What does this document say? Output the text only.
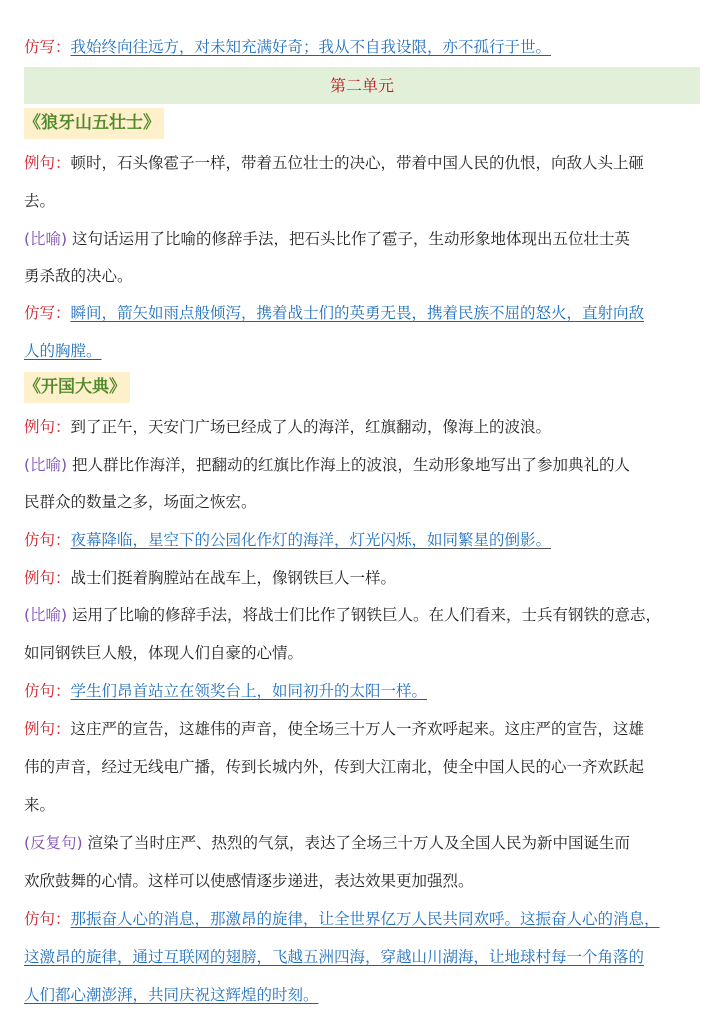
仿写：我始终向往远方，对未知充满好奇；我从不自我设限，亦不孤行于世。
第二单元
《狼牙山五壮士》
例句：顿时，石头像雹子一样，带着五位壮士的决心，带着中国人民的仇恨，向敌人头上砸
去。
(比喻) 这句话运用了比喻的修辞手法，把石头比作了雹子，生动形象地体现出五位壮士英
勇杀敌的决心。
仿写：瞬间，箭矢如雨点般倾泻，携着战士们的英勇无畏，携着民族不屈的怒火，直射向敌
人的胸膛。
《开国大典》
例句：到了正午，天安门广场已经成了人的海洋，红旗翻动，像海上的波浪。
(比喻) 把人群比作海洋，把翻动的红旗比作海上的波浪，生动形象地写出了参加典礼的人
民群众的数量之多，场面之恢宏。
仿句：夜幕降临，星空下的公园化作灯的海洋，灯光闪烁，如同繁星的倒影。
例句：战士们挺着胸膛站在战车上，像钢铁巨人一样。
(比喻) 运用了比喻的修辞手法，将战士们比作了钢铁巨人。在人们看来，士兵有钢铁的意志，
如同钢铁巨人般，体现人们自豪的心情。
仿句：学生们昂首站立在领奖台上，如同初升的太阳一样。
例句：这庄严的宣告，这雄伟的声音，使全场三十万人一齐欢呼起来。这庄严的宣告，这雄
伟的声音，经过无线电广播，传到长城内外，传到大江南北，使全中国人民的心一齐欢跃起
来。
(反复句) 渲染了当时庄严、热烈的气氛，表达了全场三十万人及全国人民为新中国诞生而
欢欣鼓舞的心情。这样可以使感情逐步递进，表达效果更加强烈。
仿句：那振奋人心的消息，那激昂的旋律，让全世界亿万人民共同欢呼。这振奋人心的消息，
这激昂的旋律，通过互联网的翅膀，飞越五洲四海，穿越山川湖海，让地球村每一个角落的
人们都心潮澎湃，共同庆祝这辉煌的时刻。
